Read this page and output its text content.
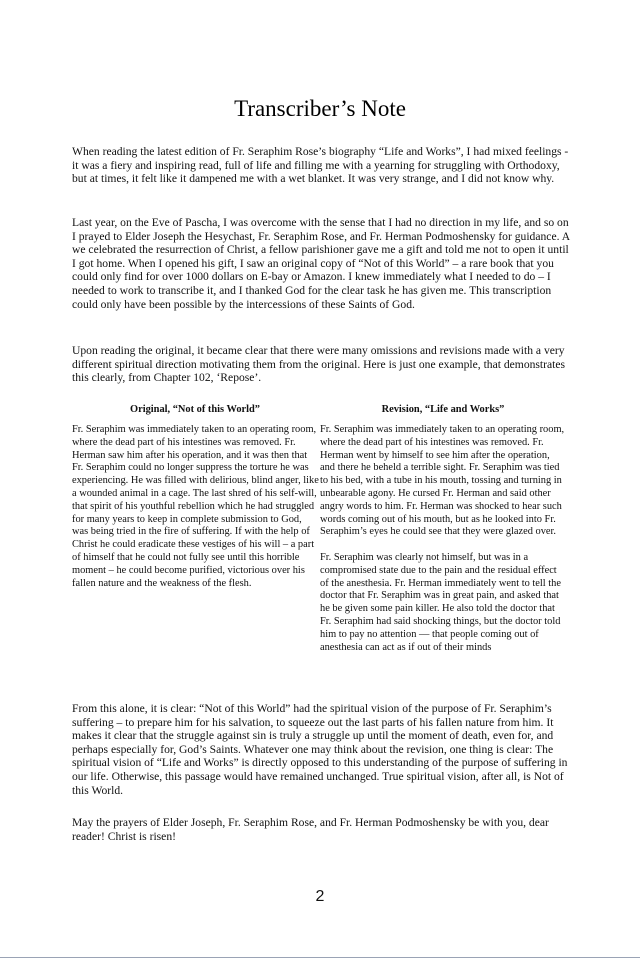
Transcriber’s Note

When reading the latest edition of Fr. Seraphim Rose’s biography “Life and Works”, I had mixed feelings - it was a fiery and inspiring read, full of life and filling me with a yearning for struggling with Orthodoxy, but at times, it felt like it dampened me with a wet blanket. It was very strange, and I did not know why.

Last year, on the Eve of Pascha, I was overcome with the sense that I had no direction in my life, and so on I prayed to Elder Joseph the Hesychast, Fr. Seraphim Rose, and Fr. Herman Podmoshensky for guidance. A we celebrated the resurrection of Christ, a fellow parishioner gave me a gift and told me not to open it until I got home. When I opened his gift, I saw an original copy of “Not of this World” – a rare book that you could only find for over 1000 dollars on E-bay or Amazon. I knew immediately what I needed to do – I needed to work to transcribe it, and I thanked God for the clear task he has given me. This transcription could only have been possible by the intercessions of these Saints of God.

Upon reading the original, it became clear that there were many omissions and revisions made with a very different spiritual direction motivating them from the original. Here is just one example, that demonstrates this clearly, from Chapter 102, ‘Repose’.

Original, “Not of this World”	Revision, “Life and Works”

Fr. Seraphim was immediately taken to an operating room, where the dead part of his intestines was removed. Fr. Herman saw him after his operation, and it was then that Fr. Seraphim could no longer suppress the torture he was experiencing. He was filled with delirious, blind anger, like a wounded animal in a cage. The last shred of his self-will, that spirit of his youthful rebellion which he had struggled for many years to keep in complete submission to God, was being tried in the fire of suffering. If with the help of Christ he could eradicate these vestiges of his will – a part of himself that he could not fully see until this horrible moment – he could become purified, victorious over his fallen nature and the weakness of the flesh.

Fr. Seraphim was immediately taken to an operating room, where the dead part of his intestines was removed. Fr. Herman went by himself to see him after the operation, and there he beheld a terrible sight. Fr. Seraphim was tied to his bed, with a tube in his mouth, tossing and turning in unbearable agony. He cursed Fr. Herman and said other angry words to him. Fr. Herman was shocked to hear such words coming out of his mouth, but as he looked into Fr. Seraphim’s eyes he could see that they were glazed over.

Fr. Seraphim was clearly not himself, but was in a compromised state due to the pain and the residual effect of the anesthesia. Fr. Herman immediately went to tell the doctor that Fr. Seraphim was in great pain, and asked that he be given some pain killer. He also told the doctor that Fr. Seraphim had said shocking things, but the doctor told him to pay no attention — that people coming out of anesthesia can act as if out of their minds

From this alone, it is clear: “Not of this World” had the spiritual vision of the purpose of Fr. Seraphim’s suffering – to prepare him for his salvation, to squeeze out the last parts of his fallen nature from him. It makes it clear that the struggle against sin is truly a struggle up until the moment of death, even for, and perhaps especially for, God’s Saints. Whatever one may think about the revision, one thing is clear: The spiritual vision of “Life and Works” is directly opposed to this understanding of the purpose of suffering in our life. Otherwise, this passage would have remained unchanged. True spiritual vision, after all, is Not of this World.

May the prayers of Elder Joseph, Fr. Seraphim Rose, and Fr. Herman Podmoshensky be with you, dear reader! Christ is risen!

2
